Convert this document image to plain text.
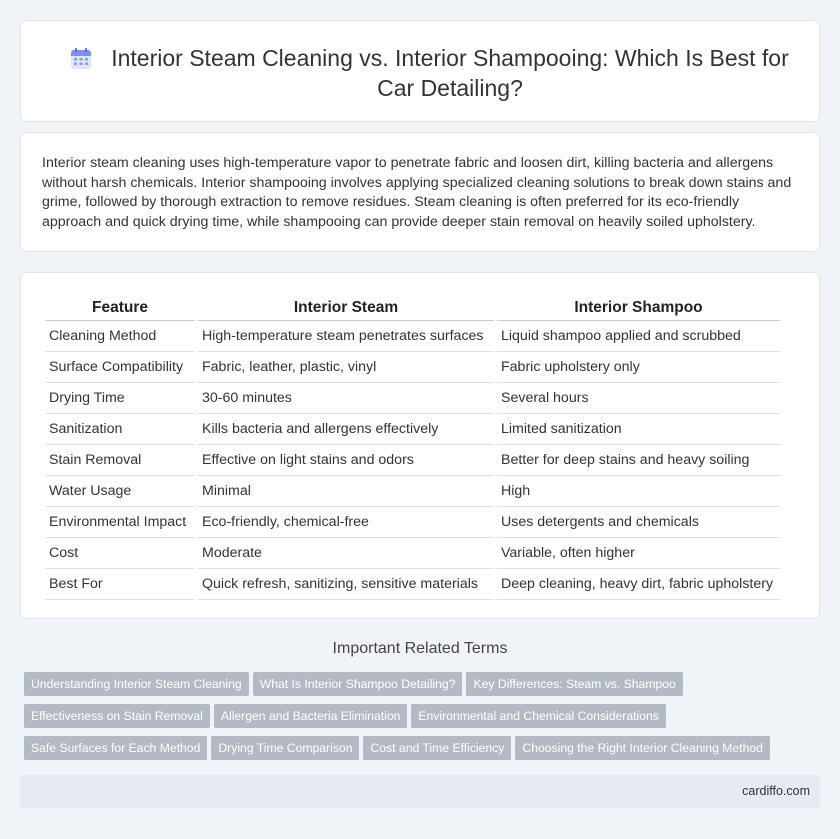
Interior Steam Cleaning vs. Interior Shampooing: Which Is Best for Car Detailing?

Interior steam cleaning uses high-temperature vapor to penetrate fabric and loosen dirt, killing bacteria and allergens without harsh chemicals. Interior shampooing involves applying specialized cleaning solutions to break down stains and grime, followed by thorough extraction to remove residues. Steam cleaning is often preferred for its eco-friendly approach and quick drying time, while shampooing can provide deeper stain removal on heavily soiled upholstery.

Feature	Interior Steam	Interior Shampoo
Cleaning Method	High-temperature steam penetrates surfaces	Liquid shampoo applied and scrubbed
Surface Compatibility	Fabric, leather, plastic, vinyl	Fabric upholstery only
Drying Time	30-60 minutes	Several hours
Sanitization	Kills bacteria and allergens effectively	Limited sanitization
Stain Removal	Effective on light stains and odors	Better for deep stains and heavy soiling
Water Usage	Minimal	High
Environmental Impact	Eco-friendly, chemical-free	Uses detergents and chemicals
Cost	Moderate	Variable, often higher
Best For	Quick refresh, sanitizing, sensitive materials	Deep cleaning, heavy dirt, fabric upholstery
Important Related Terms
Understanding Interior Steam Cleaning What Is Interior Shampoo Detailing? Key Differences: Steam vs. Shampoo
Effectiveness on Stain Removal Allergen and Bacteria Elimination Environmental and Chemical Considerations
Safe Surfaces for Each Method Drying Time Comparison Cost and Time Efficiency Choosing the Right Interior Cleaning Method
cardiffo.com
